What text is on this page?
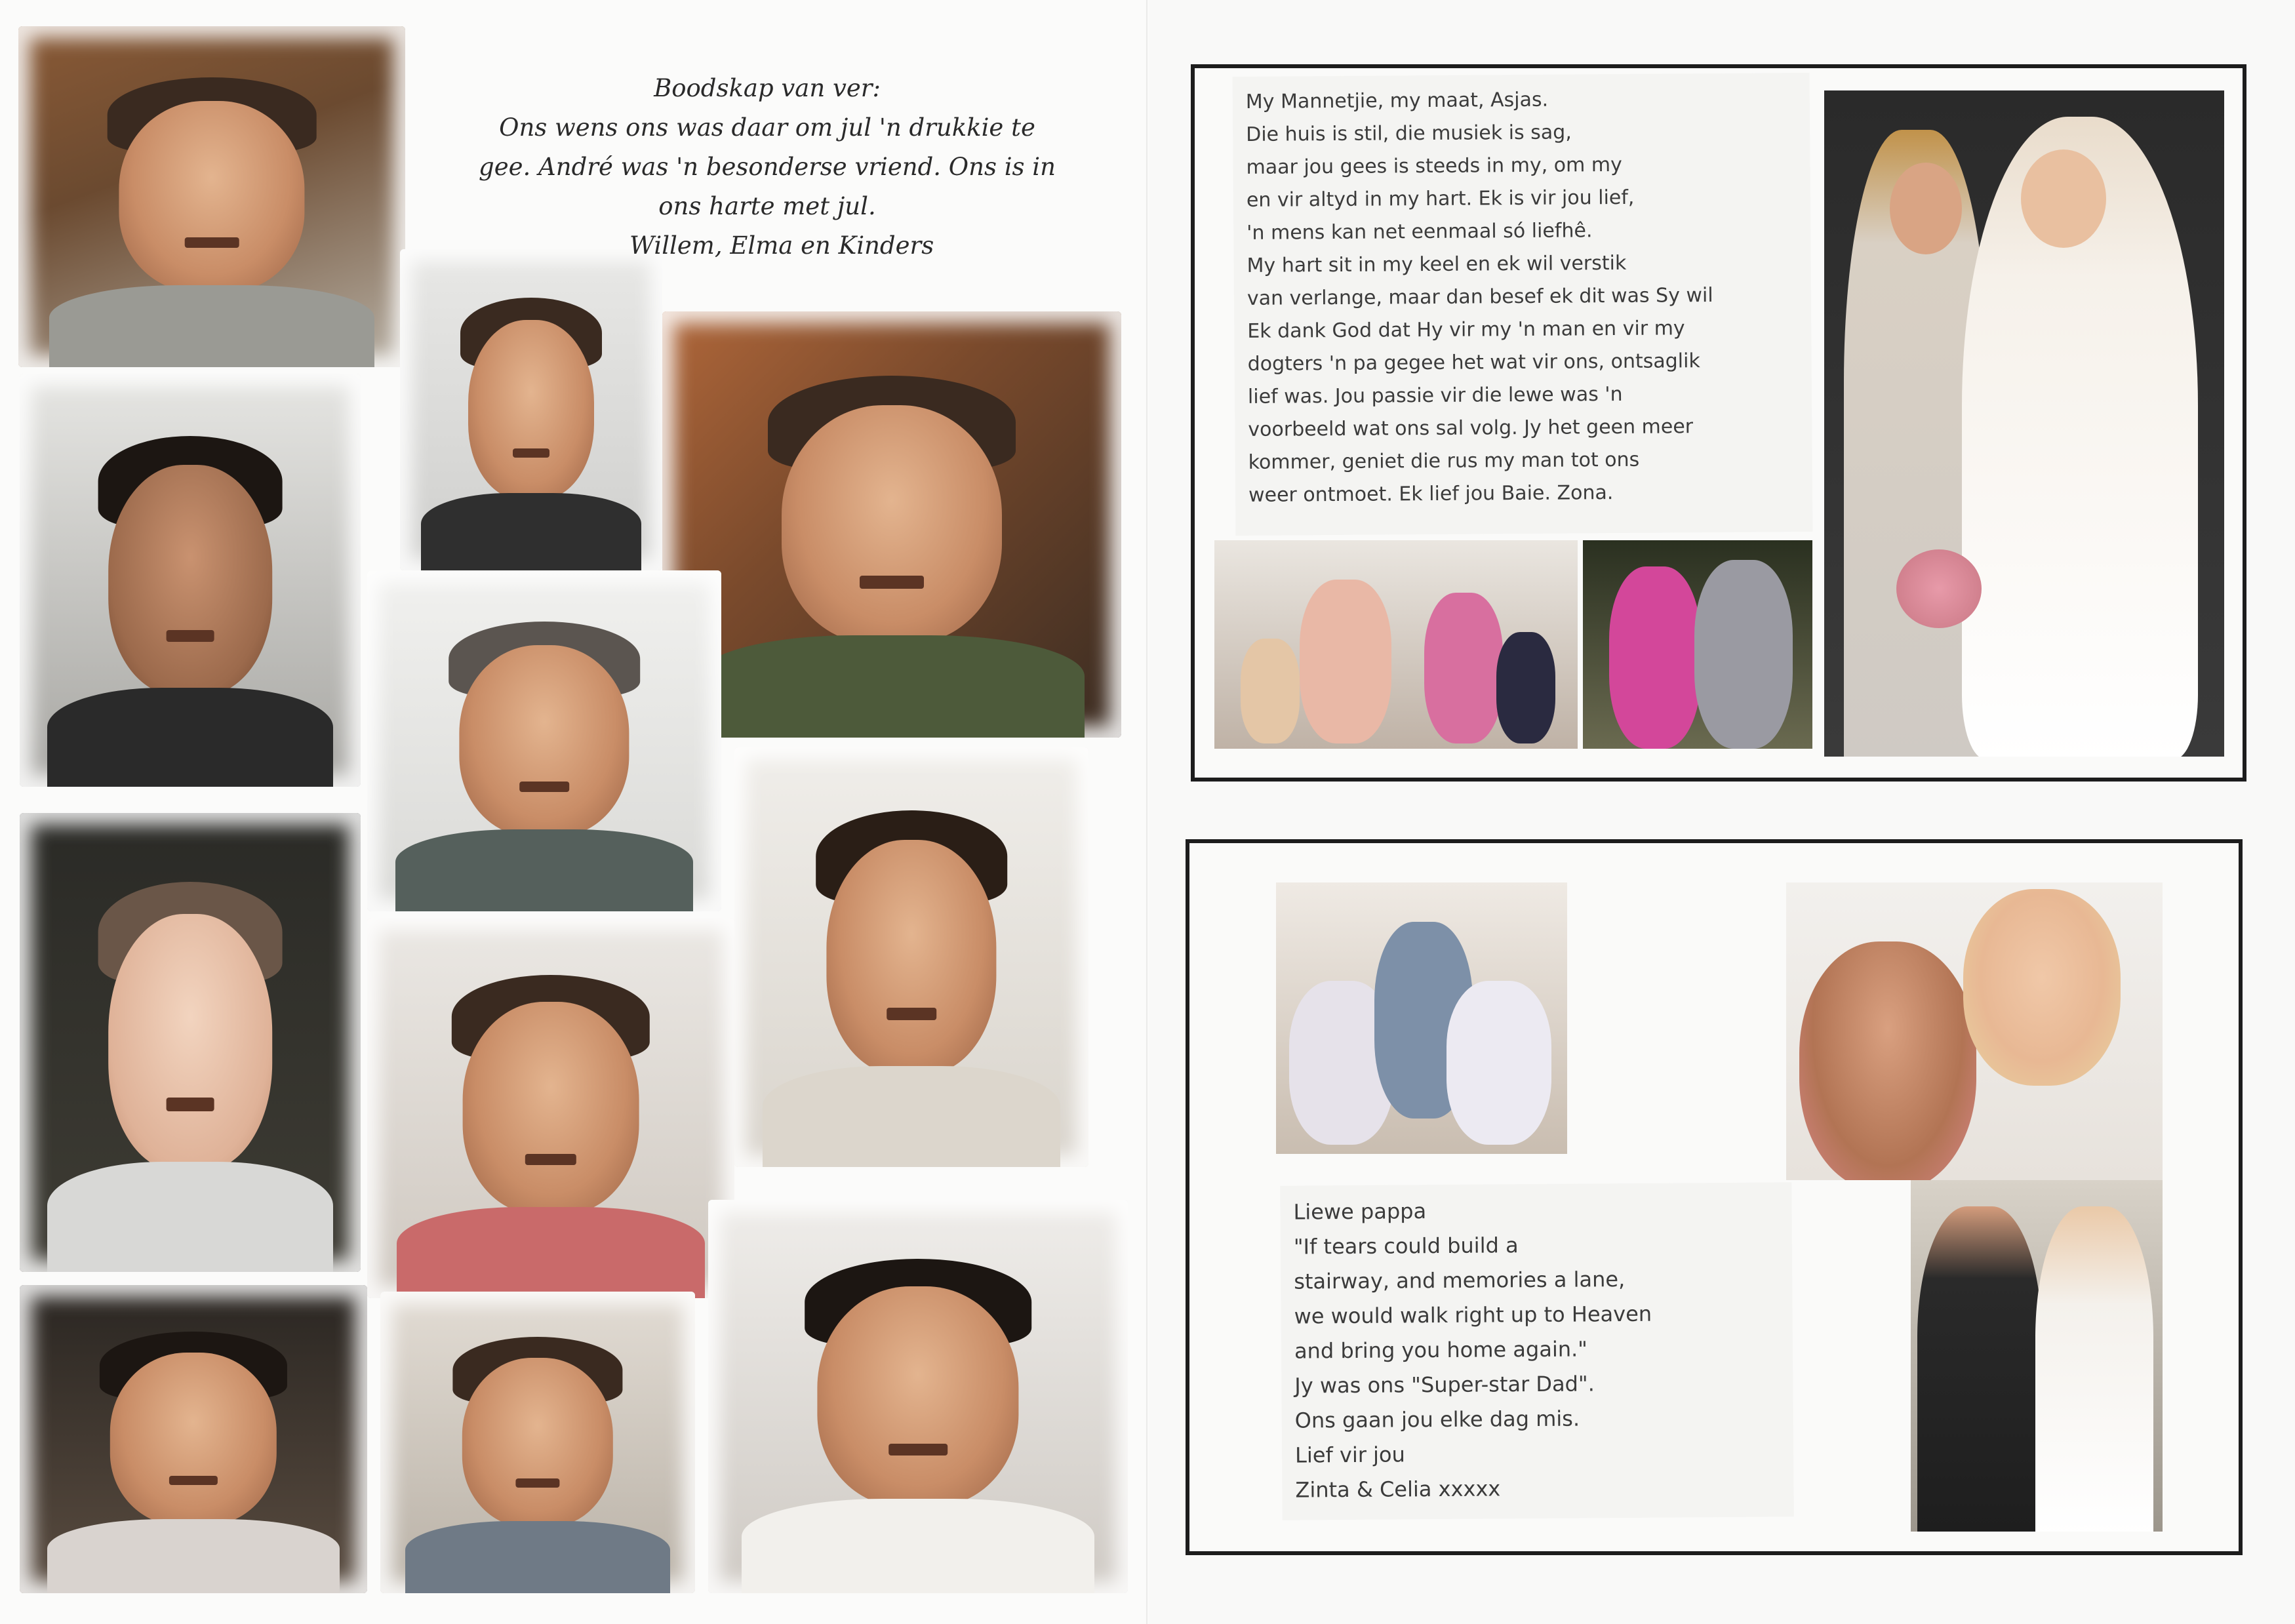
Boodskap van ver:
Ons wens ons was daar om jul 'n drukkie te
gee. André was 'n besonderse vriend. Ons is in
ons harte met jul.
Willem, Elma en Kinders
My Mannetjie, my maat, Asjas.
Die huis is stil, die musiek is sag,
maar jou gees is steeds in my, om my
en vir altyd in my hart. Ek is vir jou lief,
'n mens kan net eenmaal só liefhê.
My hart sit in my keel en ek wil verstik
van verlange, maar dan besef ek dit was Sy wil
Ek dank God dat Hy vir my 'n man en vir my
dogters 'n pa gegee het wat vir ons, ontsaglik
lief was. Jou passie vir die lewe was 'n
voorbeeld wat ons sal volg. Jy het geen meer
kommer, geniet die rus my man tot ons
weer ontmoet. Ek lief jou Baie. Zona.
Liewe pappa
"If tears could build a
stairway, and memories a lane,
we would walk right up to Heaven
and bring you home again."
Jy was ons "Super-star Dad".
Ons gaan jou elke dag mis.
Lief vir jou
Zinta & Celia xxxxx
